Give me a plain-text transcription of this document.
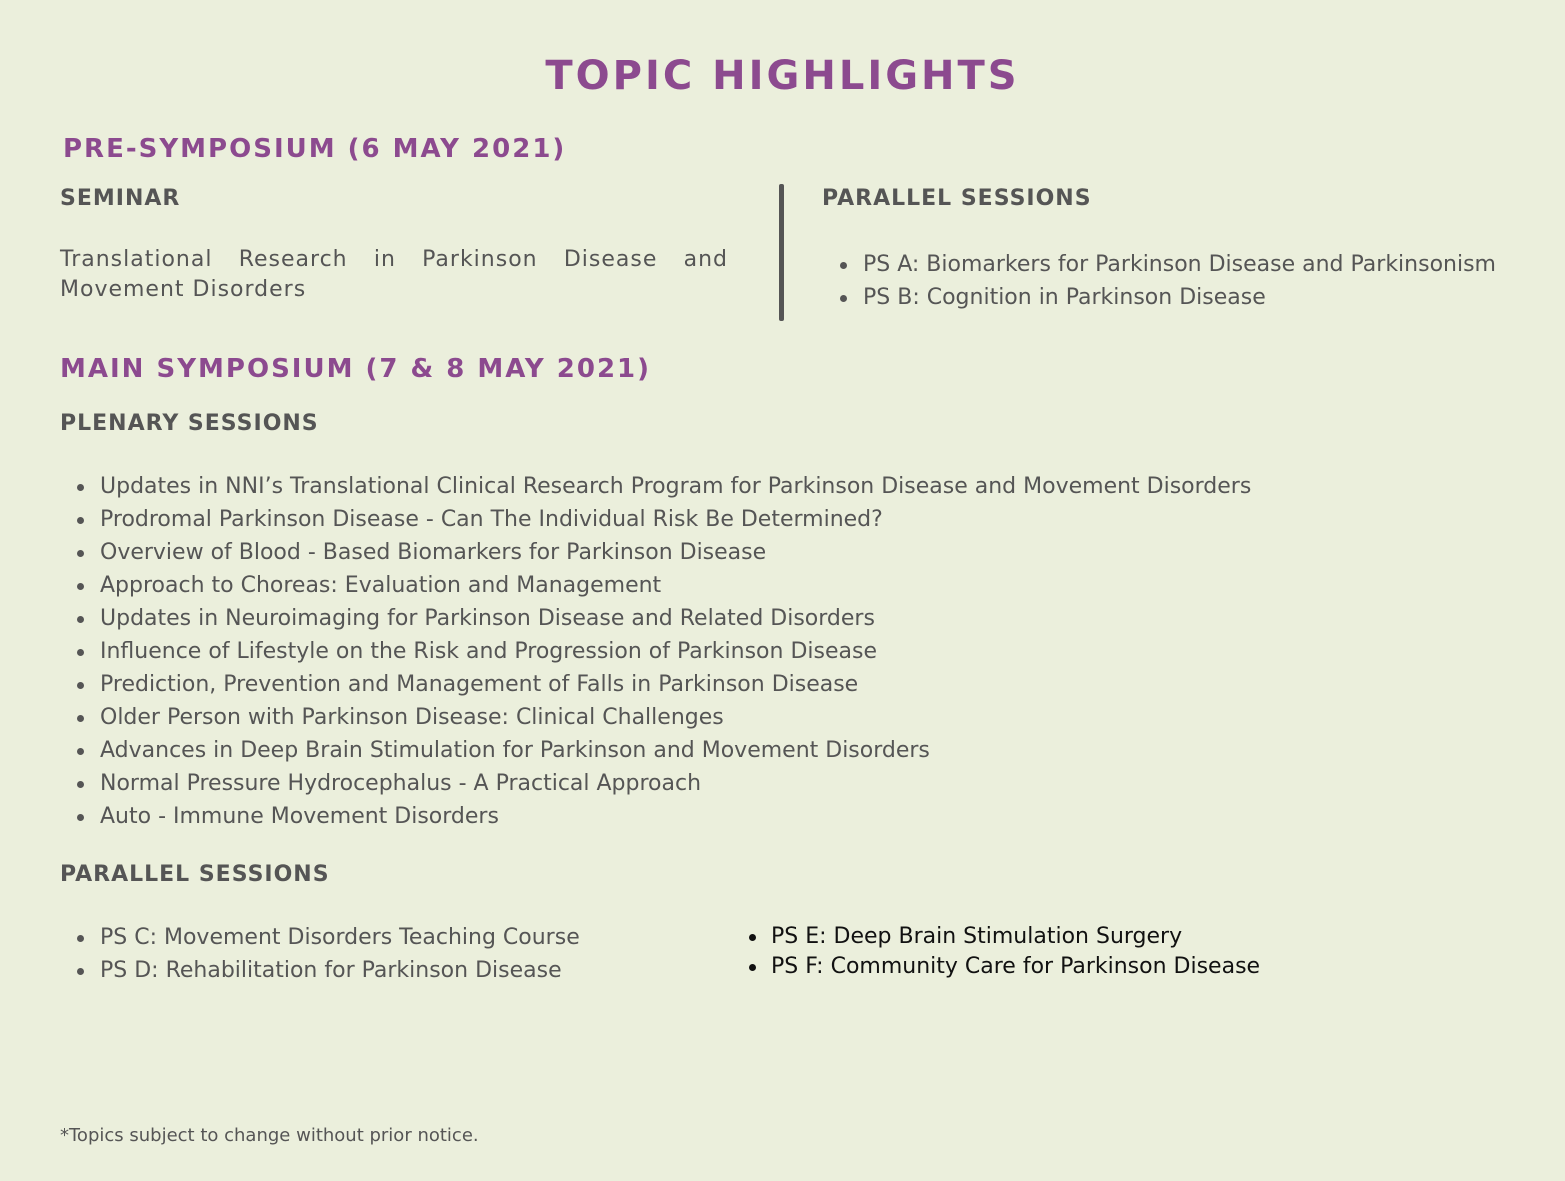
TOPIC HIGHLIGHTS
PRE-SYMPOSIUM (6 MAY 2021)
SEMINAR
Translational Research in Parkinson Disease and Movement Disorders
PARALLEL SESSIONS
PS A: Biomarkers for Parkinson Disease and Parkinsonism
PS B: Cognition in Parkinson Disease
MAIN SYMPOSIUM (7 & 8 MAY 2021)
PLENARY SESSIONS
Updates in NNI’s Translational Clinical Research Program for Parkinson Disease and Movement Disorders
Prodromal Parkinson Disease - Can The Individual Risk Be Determined?
Overview of Blood - Based Biomarkers for Parkinson Disease
Approach to Choreas: Evaluation and Management
Updates in Neuroimaging for Parkinson Disease and Related Disorders
Influence of Lifestyle on the Risk and Progression of Parkinson Disease
Prediction, Prevention and Management of Falls in Parkinson Disease
Older Person with Parkinson Disease: Clinical Challenges
Advances in Deep Brain Stimulation for Parkinson and Movement Disorders
Normal Pressure Hydrocephalus - A Practical Approach
Auto - Immune Movement Disorders
PARALLEL SESSIONS
PS C: Movement Disorders Teaching Course
PS D: Rehabilitation for Parkinson Disease
PS E: Deep Brain Stimulation Surgery
PS F: Community Care for Parkinson Disease
*Topics subject to change without prior notice.
